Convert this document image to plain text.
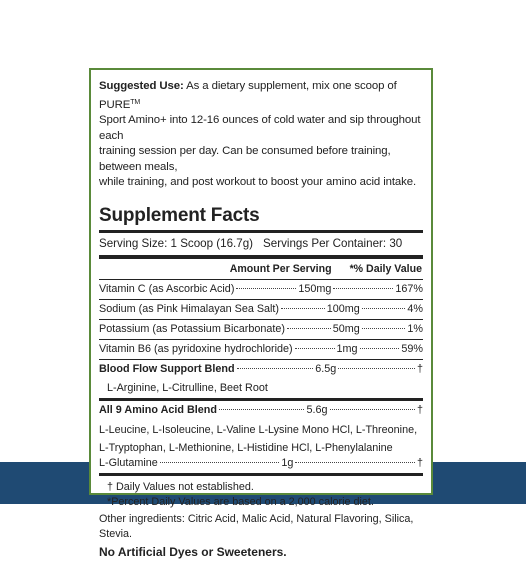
Suggested Use: As a dietary supplement, mix one scoop of PURE™
Sport Amino+ into 12-16 ounces of cold water and sip throughout each
training session per day. Can be consumed before training, between meals,
while training, and post workout to boost your amino acid intake.

Supplement Facts
Serving Size: 1 Scoop (16.7g) Servings Per Container: 30
Amount Per Serving *% Daily Value
Vitamin C (as Ascorbic Acid)	150mg	167%
Sodium (as Pink Himalayan Sea Salt)	100mg	4%
Potassium (as Potassium Bicarbonate)	50mg	1%
Vitamin B6 (as pyridoxine hydrochloride)	1mg	59%
Blood Flow Support Blend	6.5g	†
L-Arginine, L-Citrulline, Beet Root
All 9 Amino Acid Blend	5.6g	†
L-Leucine, L-Isoleucine, L-Valine L-Lysine Mono HCl, L-Threonine,
L-Tryptophan, L-Methionine, L-Histidine HCl, L-Phenylalanine
L-Glutamine	1g	†
† Daily Values not established.
*Percent Daily Values are based on a 2,000 calorie diet.
Other ingredients: Citric Acid, Malic Acid, Natural Flavoring, Silica, Stevia.
No Artificial Dyes or Sweeteners.
